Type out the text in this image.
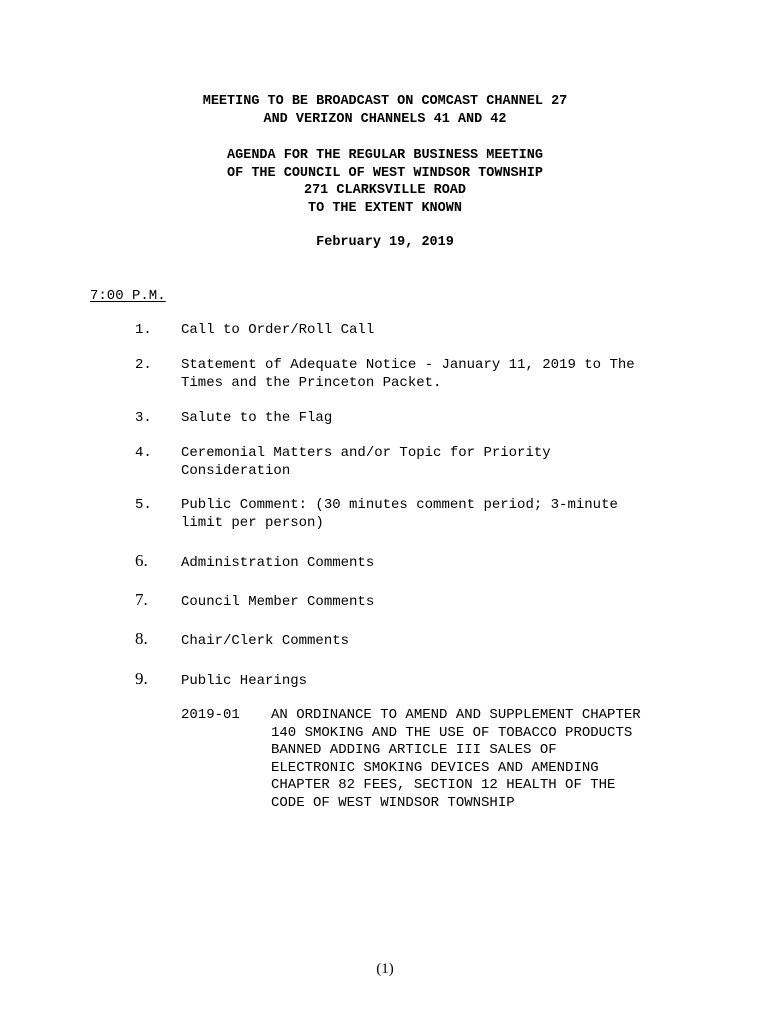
MEETING TO BE BROADCAST ON COMCAST CHANNEL 27
AND VERIZON CHANNELS 41 AND 42
AGENDA FOR THE REGULAR BUSINESS MEETING
OF THE COUNCIL OF WEST WINDSOR TOWNSHIP
271 CLARKSVILLE ROAD
TO THE EXTENT KNOWN
February 19, 2019
7:00 P.M.
1. Call to Order/Roll Call
2. Statement of Adequate Notice - January 11, 2019 to The
Times and the Princeton Packet.
3. Salute to the Flag
4. Ceremonial Matters and/or Topic for Priority
Consideration
5. Public Comment: (30 minutes comment period; 3-minute
limit per person)
6. Administration Comments
7. Council Member Comments
8. Chair/Clerk Comments
9. Public Hearings
2019-01 AN ORDINANCE TO AMEND AND SUPPLEMENT CHAPTER
140 SMOKING AND THE USE OF TOBACCO PRODUCTS
BANNED ADDING ARTICLE III SALES OF
ELECTRONIC SMOKING DEVICES AND AMENDING
CHAPTER 82 FEES, SECTION 12 HEALTH OF THE
CODE OF WEST WINDSOR TOWNSHIP
(1)
